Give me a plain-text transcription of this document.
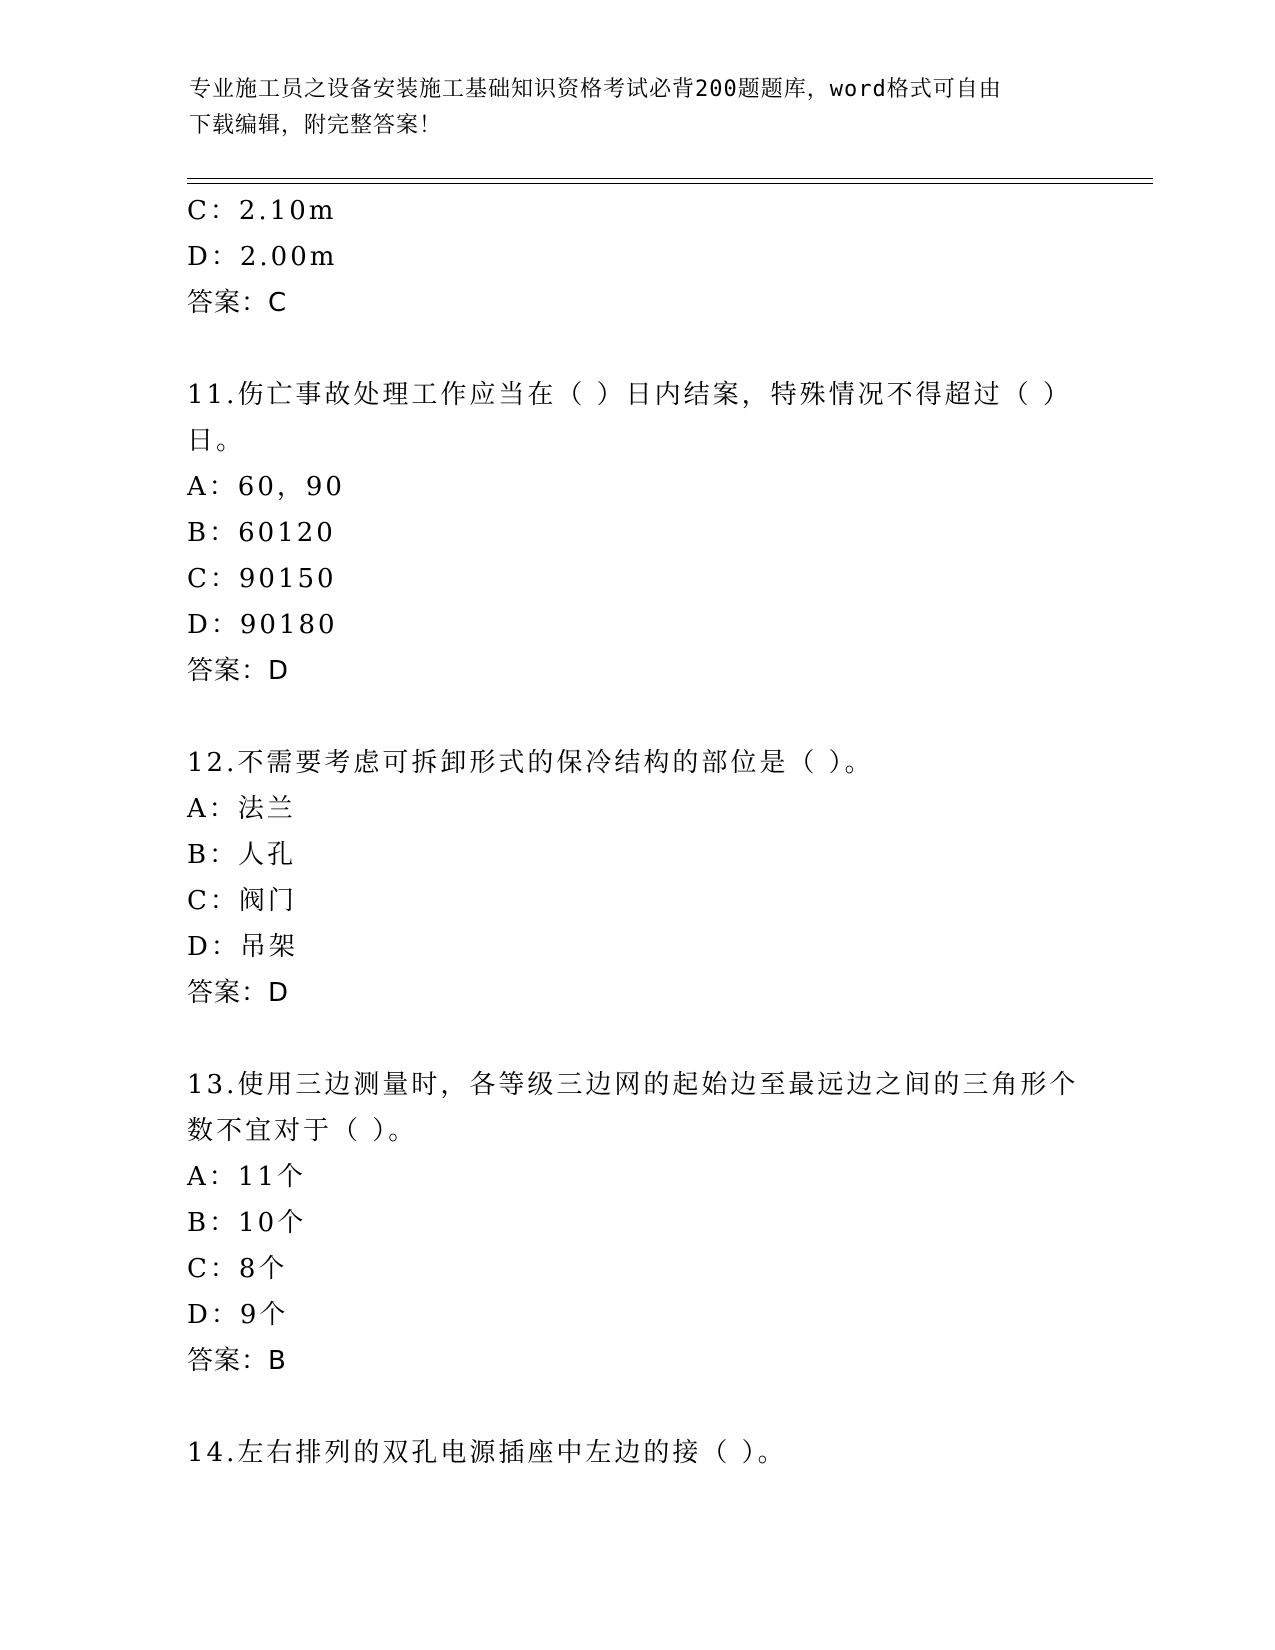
专业施工员之设备安装施工基础知识资格考试必背200题题库，word格式可自由
下载编辑，附完整答案！
C：2.10m
D：2.00m
答案：C
11.伤亡事故处理工作应当在（ ）日内结案，特殊情况不得超过（ ）
日。
A：60，90
B：60120
C：90150
D：90180
答案：D
12.不需要考虑可拆卸形式的保冷结构的部位是（ ）。
A：法兰
B：人孔
C：阀门
D：吊架
答案：D
13.使用三边测量时，各等级三边网的起始边至最远边之间的三角形个
数不宜对于（ ）。
A：11个
B：10个
C：8个
D：9个
答案：B
14.左右排列的双孔电源插座中左边的接（ ）。
